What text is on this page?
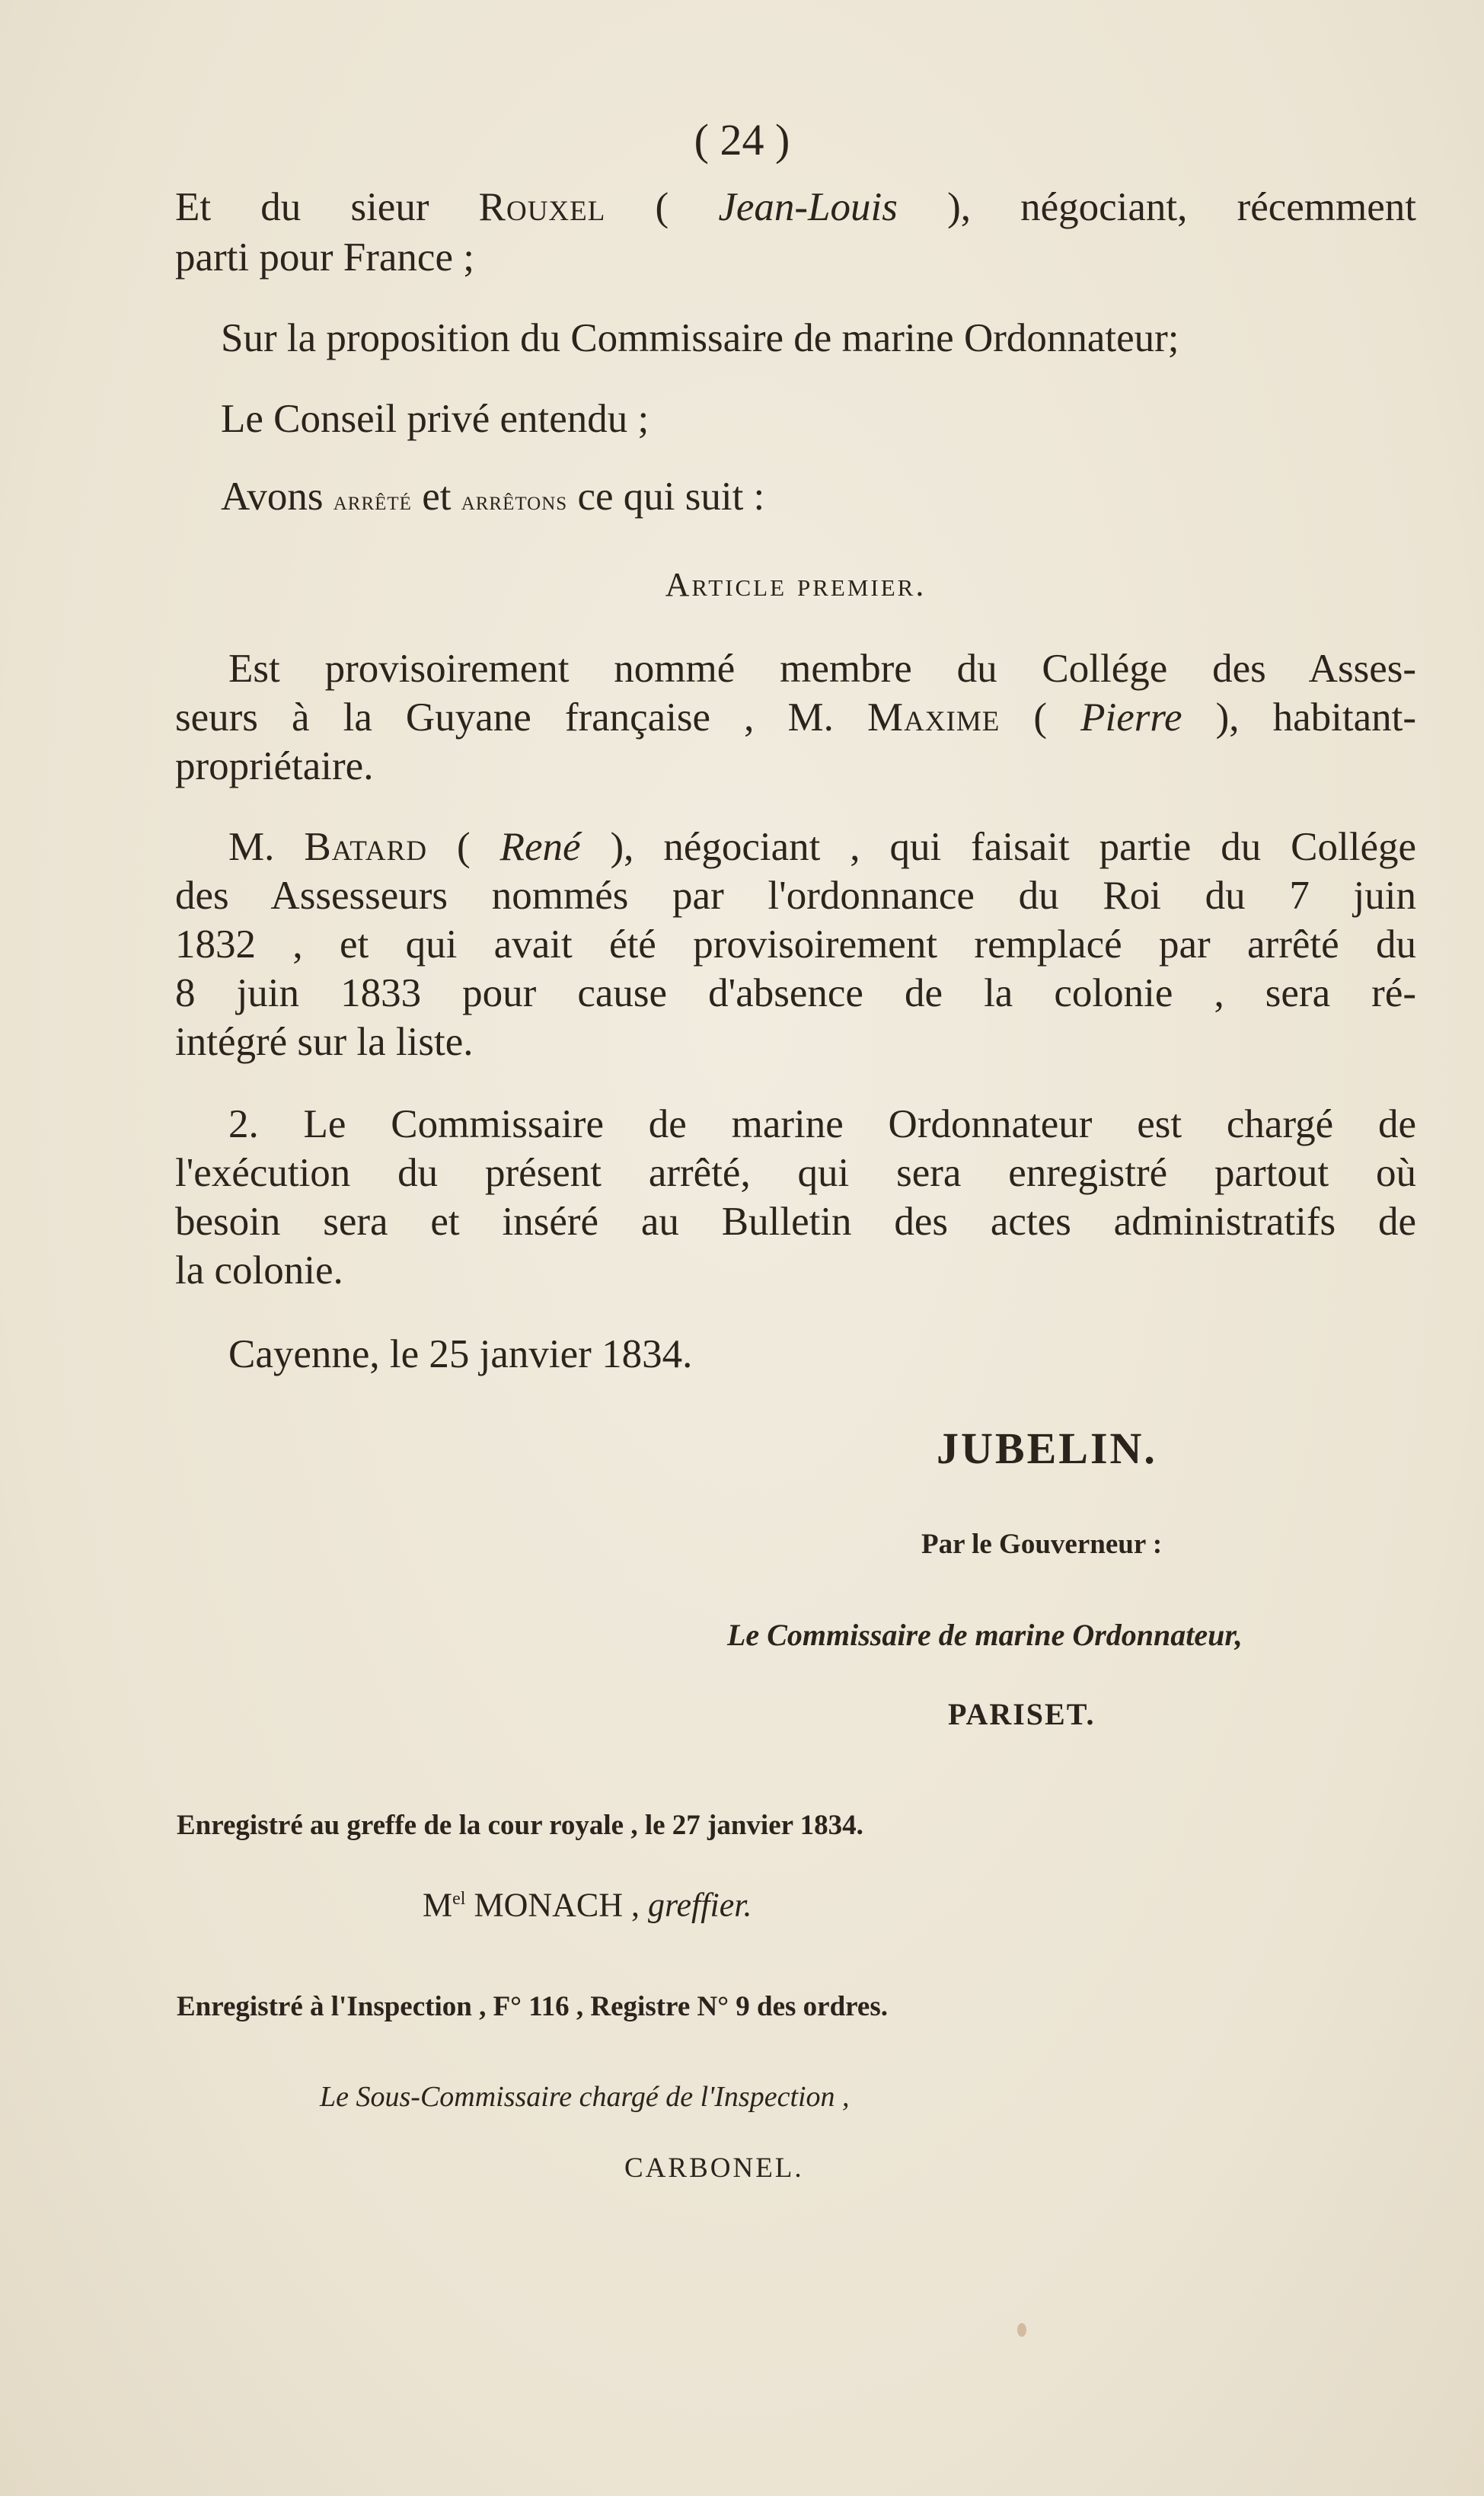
( 24 )
Et du sieur Rouxel ( Jean-Louis ), négociant, récemment
parti pour France ;
Sur la proposition du Commissaire de marine Ordonnateur;
Le Conseil privé entendu ;
Avons arrêté et arrêtons ce qui suit :
Article premier.
Est provisoirement nommé membre du Collége des Asses-
seurs à la Guyane française , M. Maxime ( Pierre ), habitant-
propriétaire.
M. Batard ( René ), négociant , qui faisait partie du Collége
des Assesseurs nommés par l'ordonnance du Roi du 7 juin
1832 , et qui avait été provisoirement remplacé par arrêté du
8 juin 1833 pour cause d'absence de la colonie , sera ré-
intégré sur la liste.
2. Le Commissaire de marine Ordonnateur est chargé de
l'exécution du présent arrêté, qui sera enregistré partout où
besoin sera et inséré au Bulletin des actes administratifs de
la colonie.
Cayenne, le 25 janvier 1834.
JUBELIN.
Par le Gouverneur :
Le Commissaire de marine Ordonnateur,
PARISET.
Enregistré au greffe de la cour royale , le 27 janvier 1834.
$M^{el}$ MONACH , greffier.
Enregistré à l'Inspection , F° 116 , Registre N° 9 des ordres.
Le Sous-Commissaire chargé de l'Inspection ,
CARBONEL.
